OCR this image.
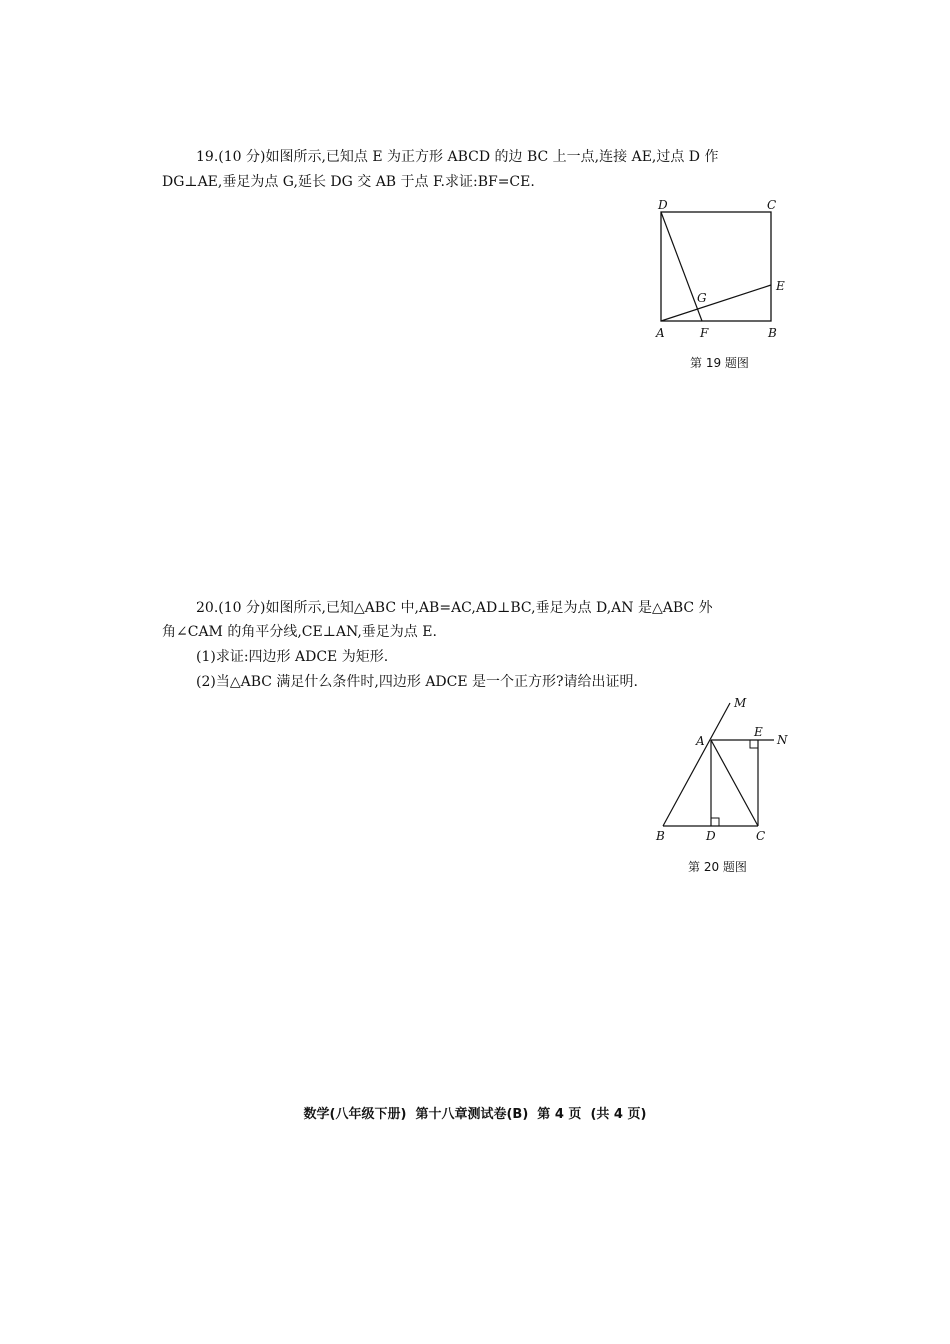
19.(10 分)如图所示,已知点 E 为正方形 ABCD 的边 BC 上一点,连接 AE,过点 D 作
DG⊥AE,垂足为点 G,延长 DG 交 AB 于点 F.求证:BF=CE.
D	C
E
G
A	F	B
第 19 题图
20.(10 分)如图所示,已知△ABC 中,AB=AC,AD⊥BC,垂足为点 D,AN 是△ABC 外
角∠CAM 的角平分线,CE⊥AN,垂足为点 E.
(1)求证:四边形 ADCE 为矩形.
(2)当△ABC 满足什么条件时,四边形 ADCE 是一个正方形?请给出证明.
M
E
N
A
B	D	C
第 20 题图
数学(八年级下册)  第十八章测试卷(B)  第 4 页  (共 4 页)
